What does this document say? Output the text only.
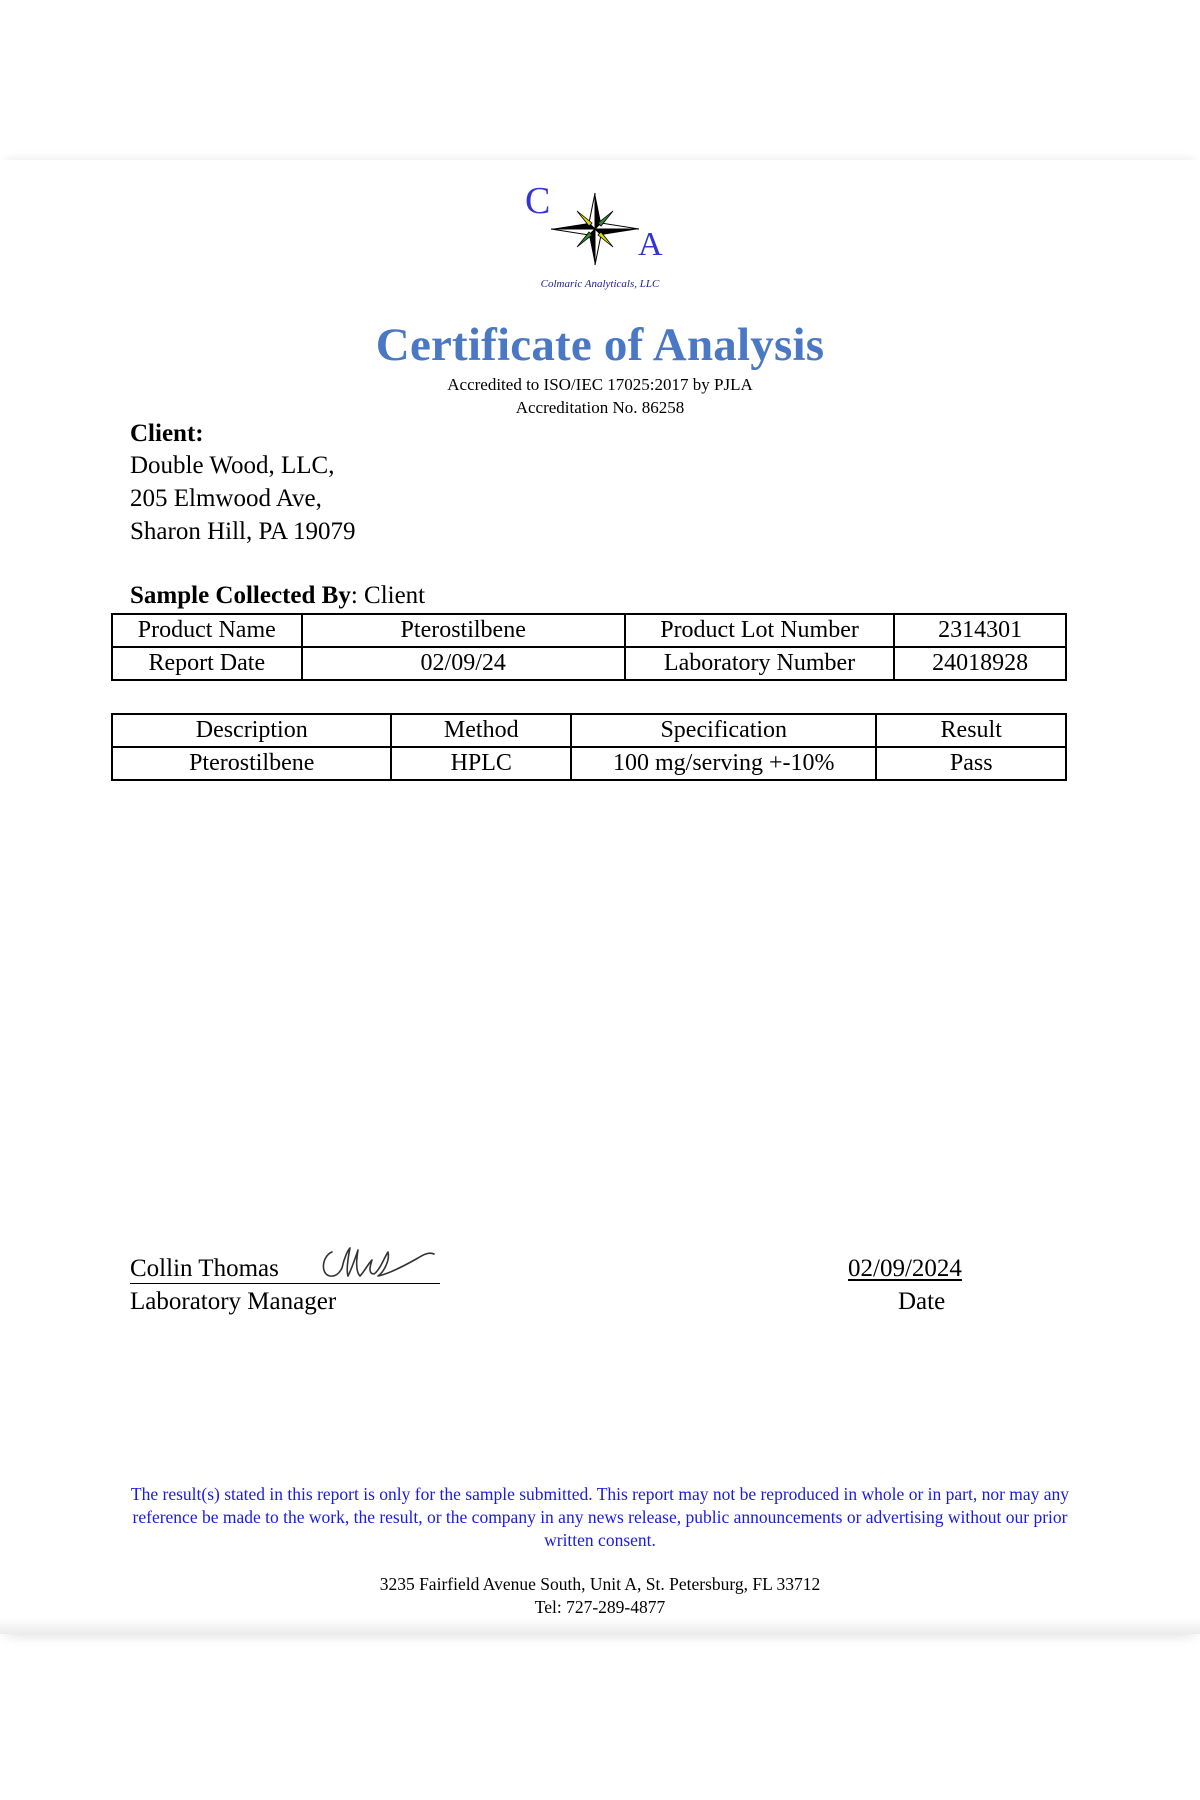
C
A
Colmaric Analyticals, LLC
Certificate of Analysis
Accredited to ISO/IEC 17025:2017 by PJLA
Accreditation No. 86258
Client:
Double Wood, LLC,
205 Elmwood Ave,
Sharon Hill, PA 19079
Sample Collected By: Client
Product Name	Pterostilbene	Product Lot Number	2314301
Report Date	02/09/24	Laboratory Number	24018928
Description	Method	Specification	Result
Pterostilbene	HPLC	100 mg/serving +-10%	Pass
Collin Thomas
Laboratory Manager
02/09/2024
Date
The result(s) stated in this report is only for the sample submitted. This report may not be reproduced in whole or in part, nor may any reference be made to the work, the result, or the company in any news release, public announcements or advertising without our prior written consent.
3235 Fairfield Avenue South, Unit A, St. Petersburg, FL 33712
Tel: 727-289-4877
